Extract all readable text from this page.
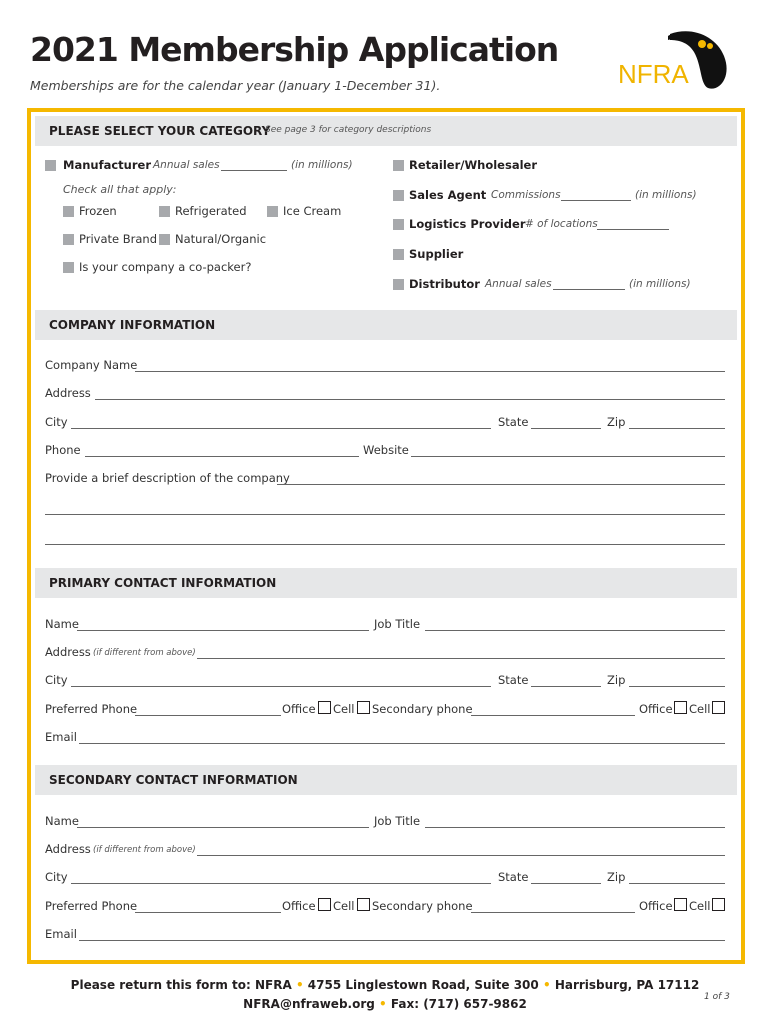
2021 Membership Application
Memberships are for the calendar year (January 1-December 31).	NFRA
PLEASE SELECT YOUR CATEGORY
See page 3 for category descriptions
Manufacturer Annual sales	(in millions)
Check all that apply:
Frozen	Refrigerated	Ice Cream
Private Brand Natural/Organic
Is your company a co-packer?
Retailer/Wholesaler
Sales Agent Commissions	(in millions)
Logistics Provider # of locations
Supplier
Distributor Annual sales	(in millions)
COMPANY INFORMATION
Company Name
Address
City	State	Zip
Phone	Website
Provide a brief description of the company
PRIMARY CONTACT INFORMATION
Name	Job Title
Address (if different from above)
City	State	Zip
Preferred Phone	Office Cell Secondary phone	Office Cell
Email
SECONDARY CONTACT INFORMATION
Name	Job Title
Address (if different from above)
City	State	Zip
Preferred Phone	Office Cell Secondary phone	Office Cell
Email
Please return this form to: NFRA • 4755 Linglestown Road, Suite 300 • Harrisburg, PA 17112
NFRA@nfraweb.org • Fax: (717) 657-9862	1 of 3
